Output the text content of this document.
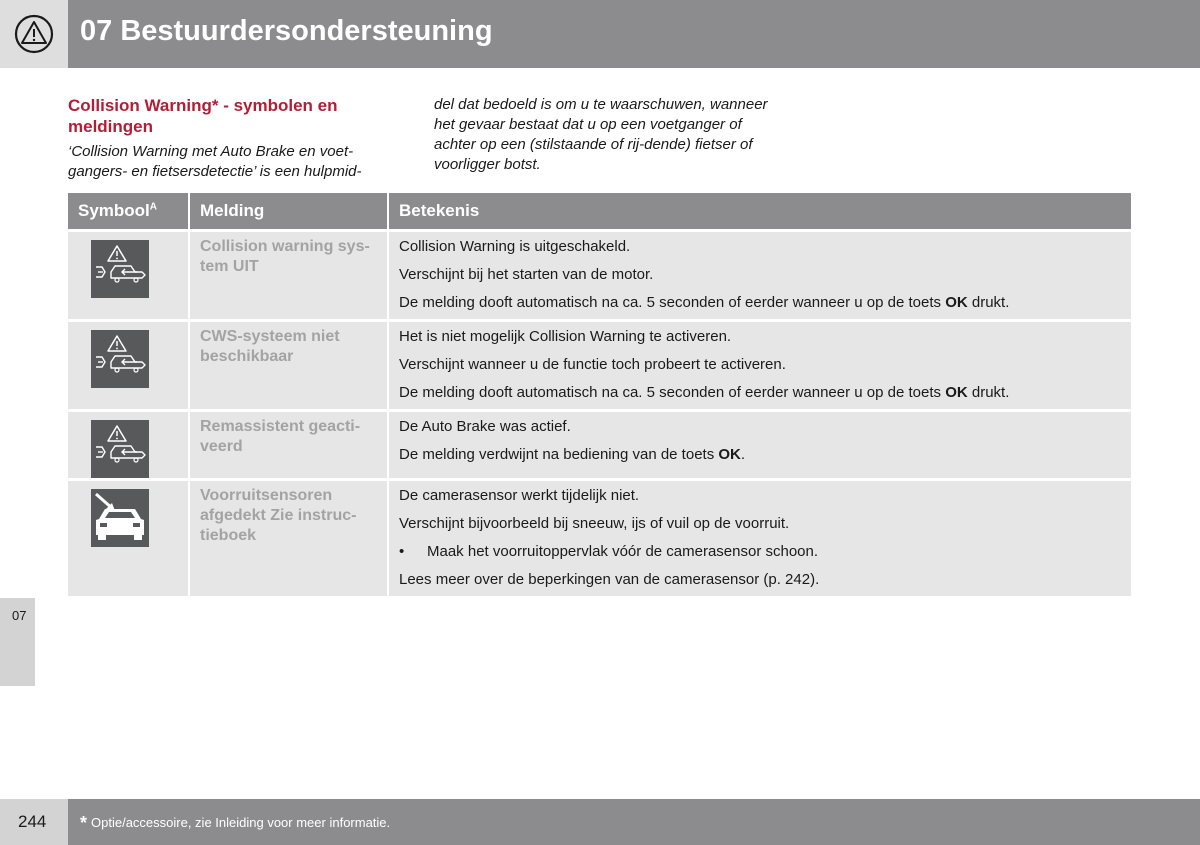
07 Bestuurdersondersteuning
07
Collision Warning* - symbolen en meldingen
‘Collision Warning met Auto Brake en voet-gangers- en fietsersdetectie’ is een hulpmid-
del dat bedoeld is om u te waarschuwen, wanneer het gevaar bestaat dat u op een voetganger of achter op een (stilstaande of rij-dende) fietser of voorligger botst.
Symbool$^A$	Melding	Betekenis

Collision warning sys-tem UIT	Collision Warning is uitgeschakeld.

Verschijnt bij het starten van de motor.

De melding dooft automatisch na ca. 5 seconden of eerder wanneer u op de toets OK drukt.

CWS-systeem niet beschikbaar	Het is niet mogelijk Collision Warning te activeren.

Verschijnt wanneer u de functie toch probeert te activeren.

De melding dooft automatisch na ca. 5 seconden of eerder wanneer u op de toets OK drukt.

Remassistent geacti-veerd	De Auto Brake was actief.

De melding verdwijnt na bediening van de toets OK.

Voorruitsensoren afgedekt Zie instruc-tieboek	De camerasensor werkt tijdelijk niet.

Verschijnt bijvoorbeeld bij sneeuw, ijs of vuil op de voorruit.

• Maak het voorruitoppervlak vóór de camerasensor schoon.

Lees meer over de beperkingen van de camerasensor (p. 242).

244 * Optie/accessoire, zie Inleiding voor meer informatie.
